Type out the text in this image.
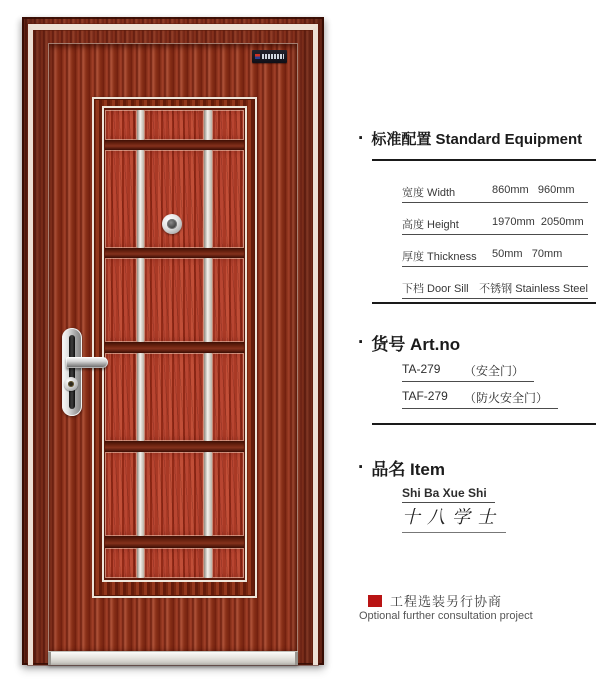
· 标准配置 Standard Equipment
宽度 Width	860mm   960mm
高度 Height	1970mm  2050mm
厚度 Thickness	50mm   70mm
下档 Door Sill 不锈钢 Stainless Steel
· 货号 Art.no
TA-279	（安全门）
TAF-279	（防火安全门）
· 品名 Item
Shi Ba Xue Shi
十八学士
工程选装另行协商
Optional further consultation project
